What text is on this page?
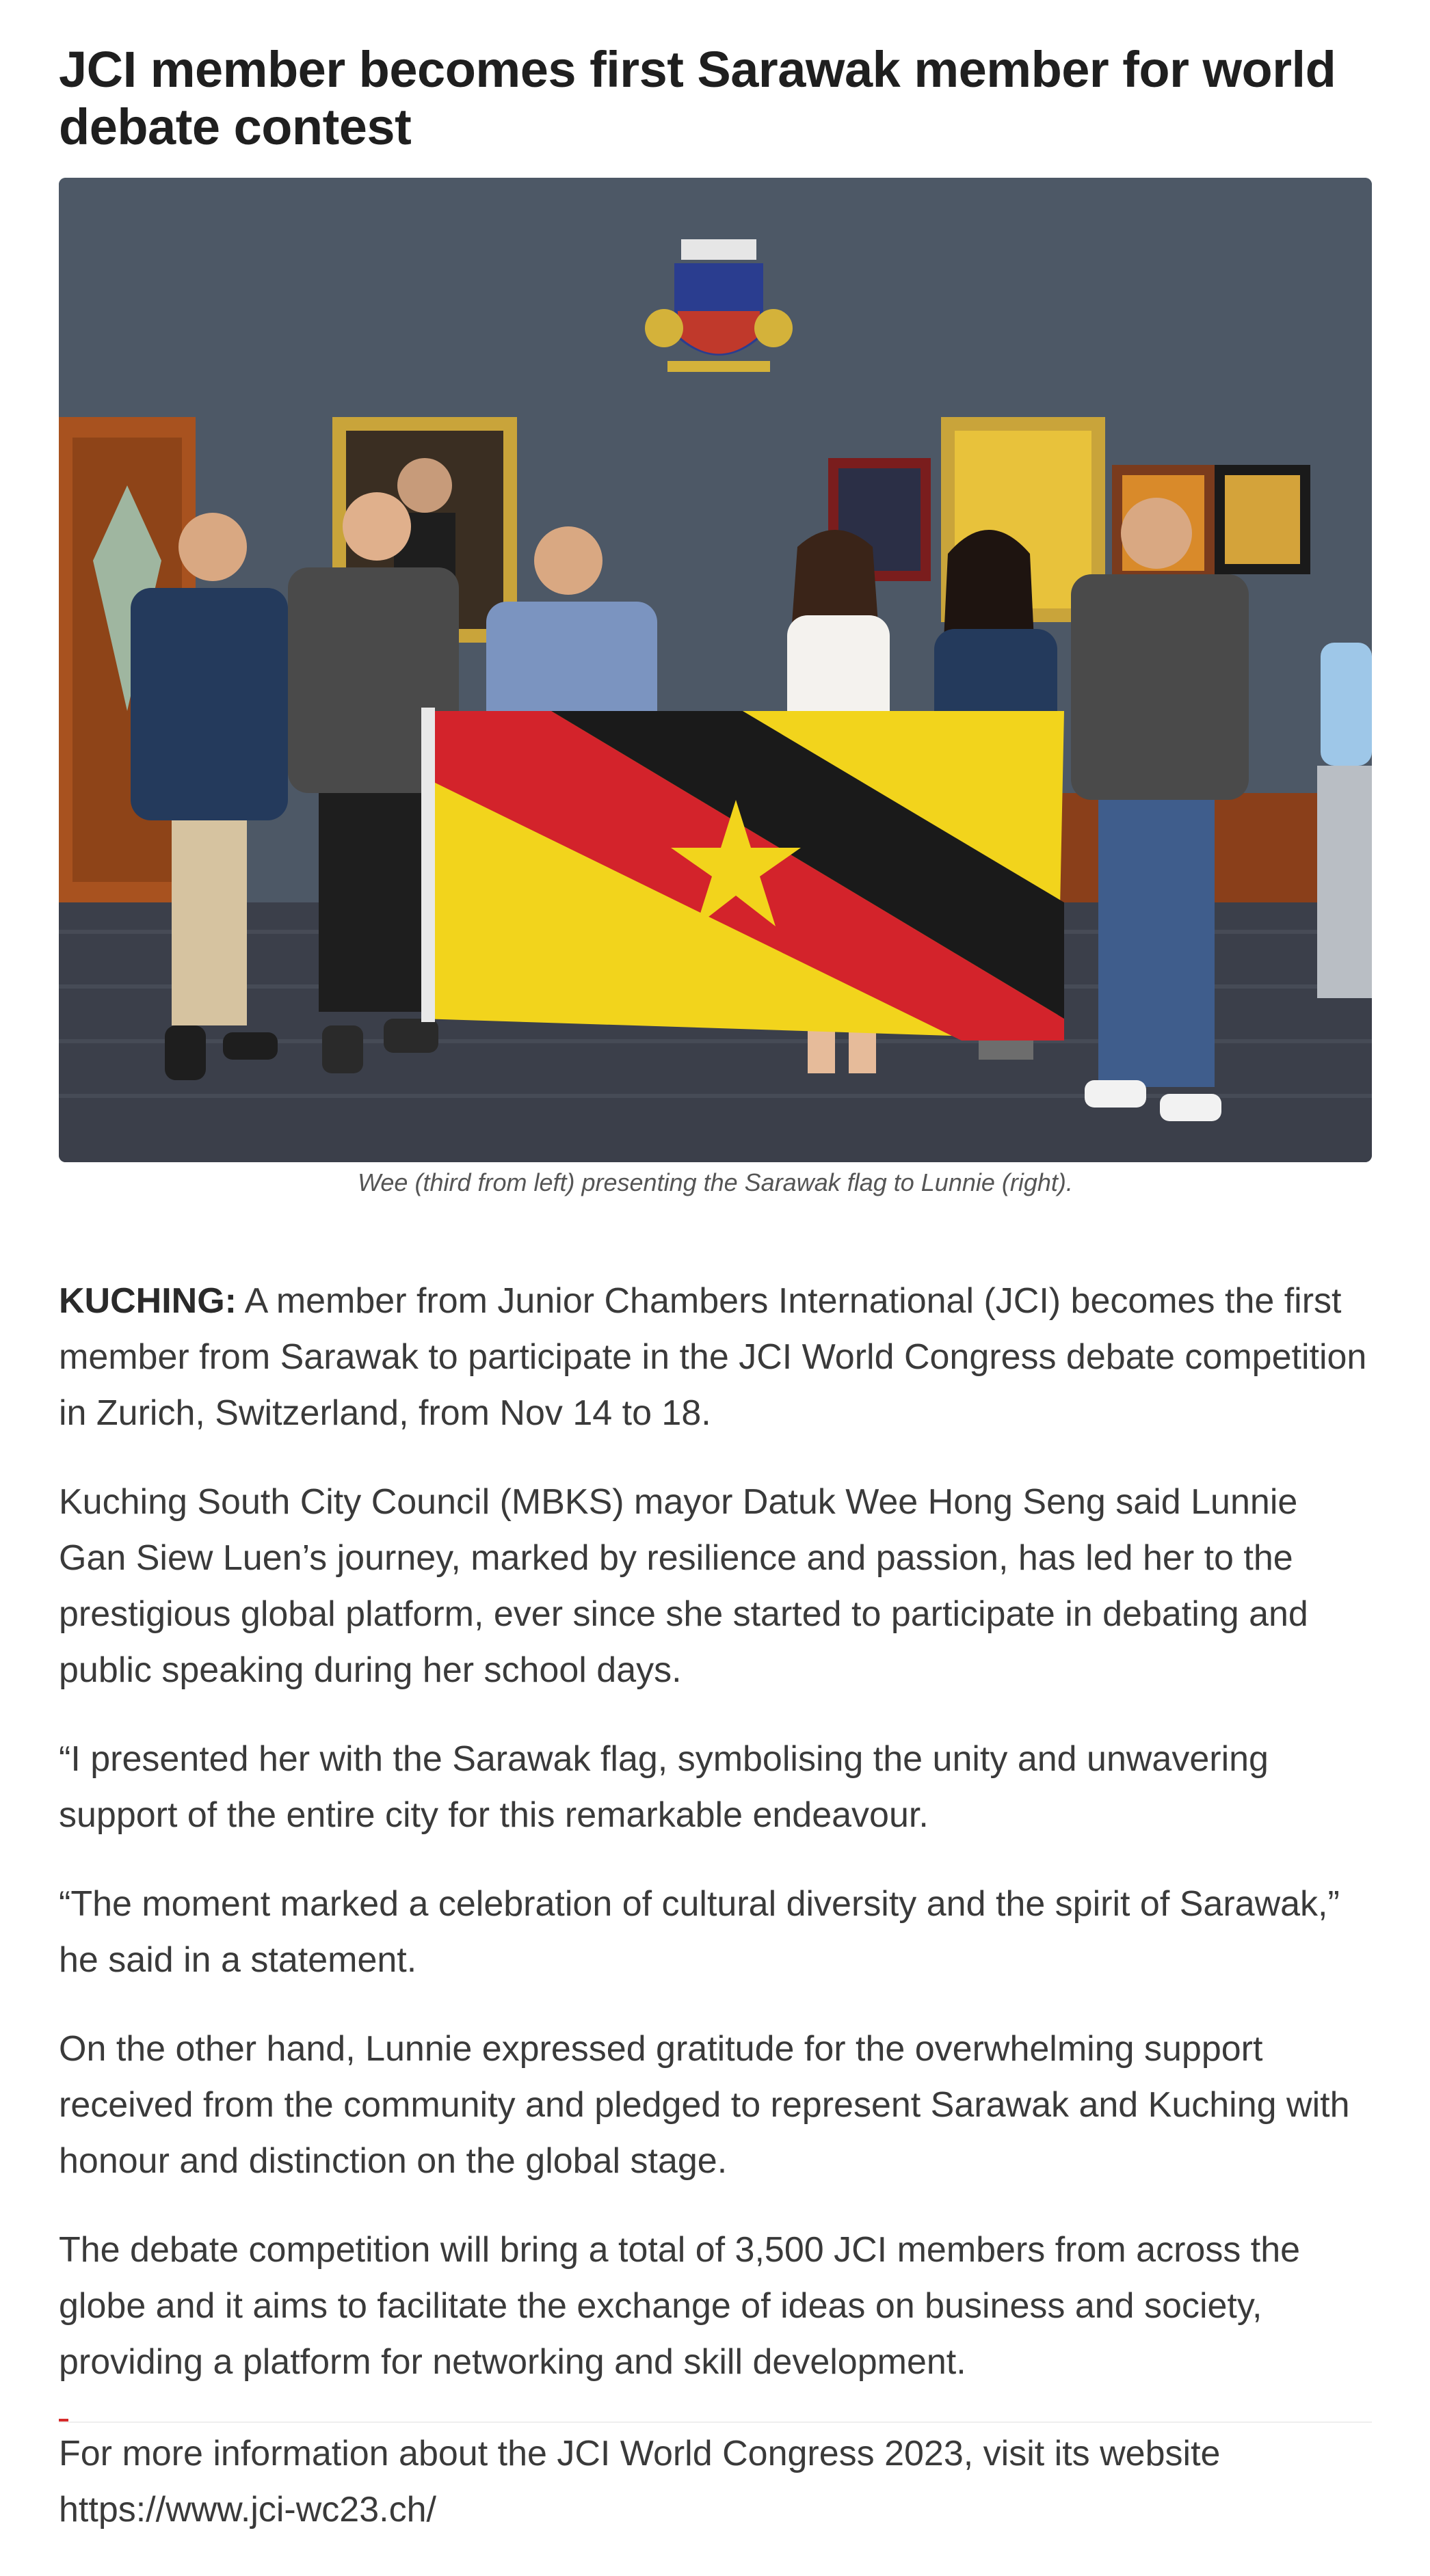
JCI member becomes first Sarawak member for world debate contest
Wee (third from left) presenting the Sarawak flag to Lunnie (right).

KUCHING: A member from Junior Chambers International (JCI) becomes the first member from Sarawak to participate in the JCI World Congress debate competition in Zurich, Switzerland, from Nov 14 to 18.

Kuching South City Council (MBKS) mayor Datuk Wee Hong Seng said Lunnie Gan Siew Luen’s journey, marked by resilience and passion, has led her to the prestigious global platform, ever since she started to participate in debating and public speaking during her school days.

“I presented her with the Sarawak flag, symbolising the unity and unwavering support of the entire city for this remarkable endeavour.

“The moment marked a celebration of cultural diversity and the spirit of Sarawak,” he said in a statement.

On the other hand, Lunnie expressed gratitude for the overwhelming support received from the community and pledged to represent Sarawak and Kuching with honour and distinction on the global stage.

The debate competition will bring a total of 3,500 JCI members from across the globe and it aims to facilitate the exchange of ideas on business and society, providing a platform for networking and skill development.

For more information about the JCI World Congress 2023, visit its website
https://www.jci-wc23.ch/
